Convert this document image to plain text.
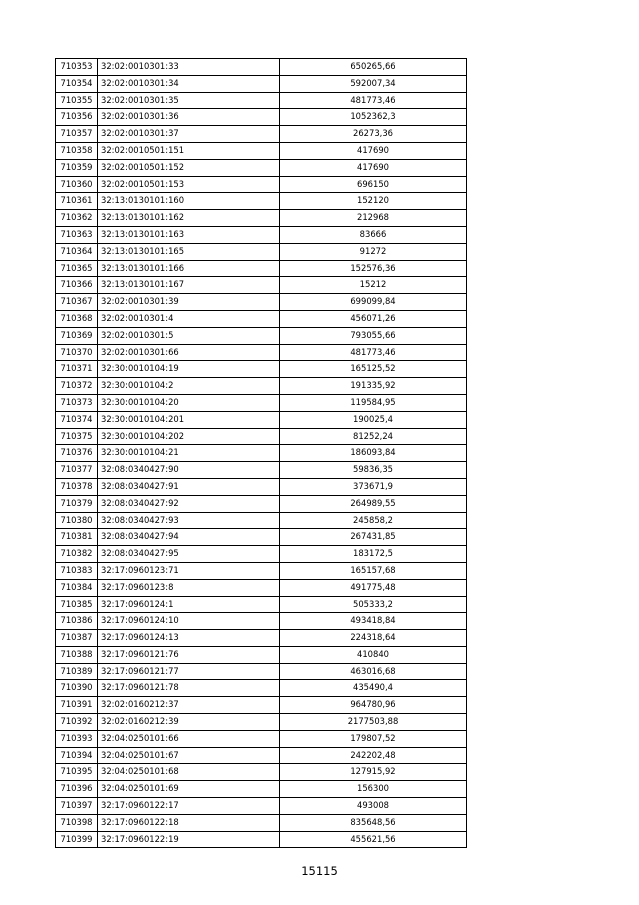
710353	32:02:0010301:33	650265,66
710354	32:02:0010301:34	592007,34
710355	32:02:0010301:35	481773,46
710356	32:02:0010301:36	1052362,3
710357	32:02:0010301:37	26273,36
710358	32:02:0010501:151	417690
710359	32:02:0010501:152	417690
710360	32:02:0010501:153	696150
710361	32:13:0130101:160	152120
710362	32:13:0130101:162	212968
710363	32:13:0130101:163	83666
710364	32:13:0130101:165	91272
710365	32:13:0130101:166	152576,36
710366	32:13:0130101:167	15212
710367	32:02:0010301:39	699099,84
710368	32:02:0010301:4	456071,26
710369	32:02:0010301:5	793055,66
710370	32:02:0010301:66	481773,46
710371	32:30:0010104:19	165125,52
710372	32:30:0010104:2	191335,92
710373	32:30:0010104:20	119584,95
710374	32:30:0010104:201	190025,4
710375	32:30:0010104:202	81252,24
710376	32:30:0010104:21	186093,84
710377	32:08:0340427:90	59836,35
710378	32:08:0340427:91	373671,9
710379	32:08:0340427:92	264989,55
710380	32:08:0340427:93	245858,2
710381	32:08:0340427:94	267431,85
710382	32:08:0340427:95	183172,5
710383	32:17:0960123:71	165157,68
710384	32:17:0960123:8	491775,48
710385	32:17:0960124:1	505333,2
710386	32:17:0960124:10	493418,84
710387	32:17:0960124:13	224318,64
710388	32:17:0960121:76	410840
710389	32:17:0960121:77	463016,68
710390	32:17:0960121:78	435490,4
710391	32:02:0160212:37	964780,96
710392	32:02:0160212:39	2177503,88
710393	32:04:0250101:66	179807,52
710394	32:04:0250101:67	242202,48
710395	32:04:0250101:68	127915,92
710396	32:04:0250101:69	156300
710397	32:17:0960122:17	493008
710398	32:17:0960122:18	835648,56
710399	32:17:0960122:19	455621,56
15115
